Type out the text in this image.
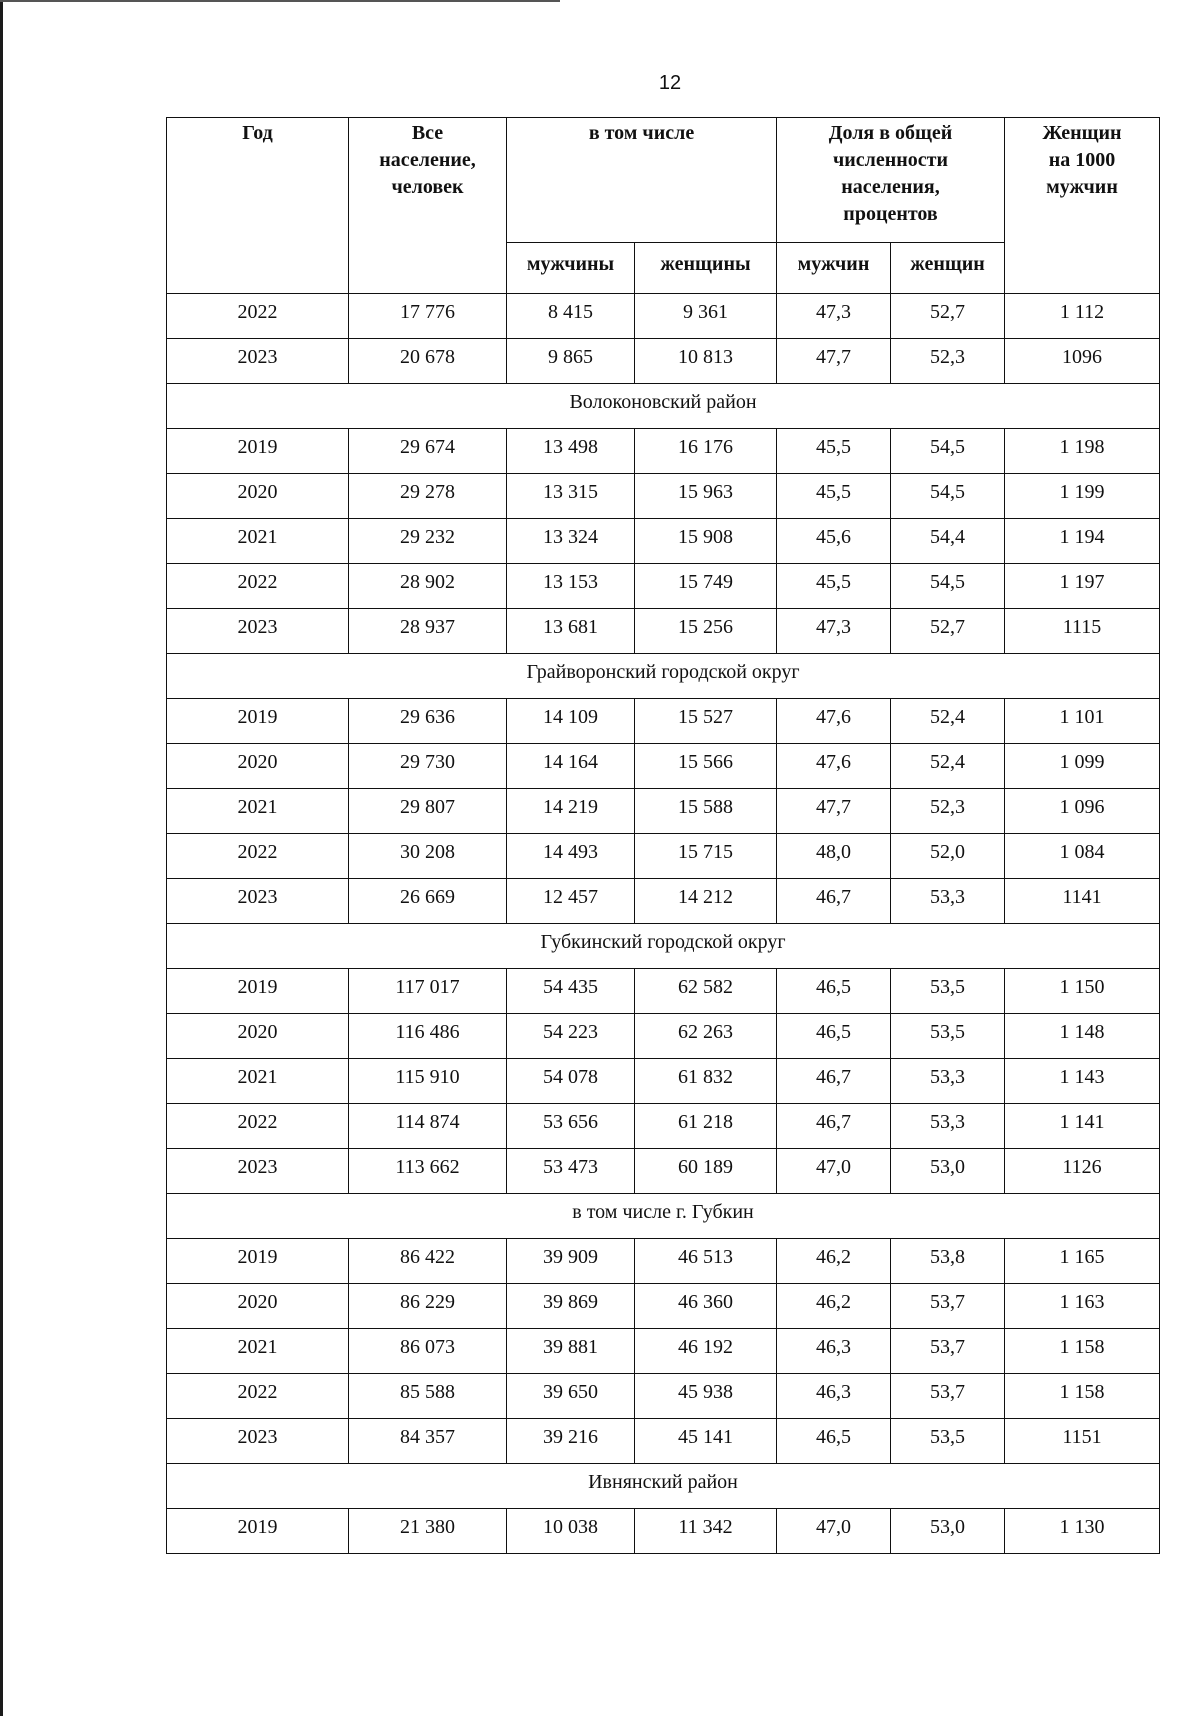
12
Год	Все население, человек	в том числе		Доля в общей численности населения, процентов		Женщин на 1000 мужчин

		мужчины	женщины	мужчин	женщин	
2022	17 776	8 415	9 361	47,3	52,7	1 112
2023	20 678	9 865	10 813	47,7	52,3	1096
Волоконовский район						
2019	29 674	13 498	16 176	45,5	54,5	1 198
2020	29 278	13 315	15 963	45,5	54,5	1 199
2021	29 232	13 324	15 908	45,6	54,4	1 194
2022	28 902	13 153	15 749	45,5	54,5	1 197
2023	28 937	13 681	15 256	47,3	52,7	1115
Грайворонский городской округ						
2019	29 636	14 109	15 527	47,6	52,4	1 101
2020	29 730	14 164	15 566	47,6	52,4	1 099
2021	29 807	14 219	15 588	47,7	52,3	1 096
2022	30 208	14 493	15 715	48,0	52,0	1 084
2023	26 669	12 457	14 212	46,7	53,3	1141
Губкинский городской округ						
2019	117 017	54 435	62 582	46,5	53,5	1 150
2020	116 486	54 223	62 263	46,5	53,5	1 148
2021	115 910	54 078	61 832	46,7	53,3	1 143
2022	114 874	53 656	61 218	46,7	53,3	1 141
2023	113 662	53 473	60 189	47,0	53,0	1126
в том числе г. Губкин						
2019	86 422	39 909	46 513	46,2	53,8	1 165
2020	86 229	39 869	46 360	46,2	53,7	1 163
2021	86 073	39 881	46 192	46,3	53,7	1 158
2022	85 588	39 650	45 938	46,3	53,7	1 158
2023	84 357	39 216	45 141	46,5	53,5	1151
Ивнянский район						
2019	21 380	10 038	11 342	47,0	53,0	1 130
